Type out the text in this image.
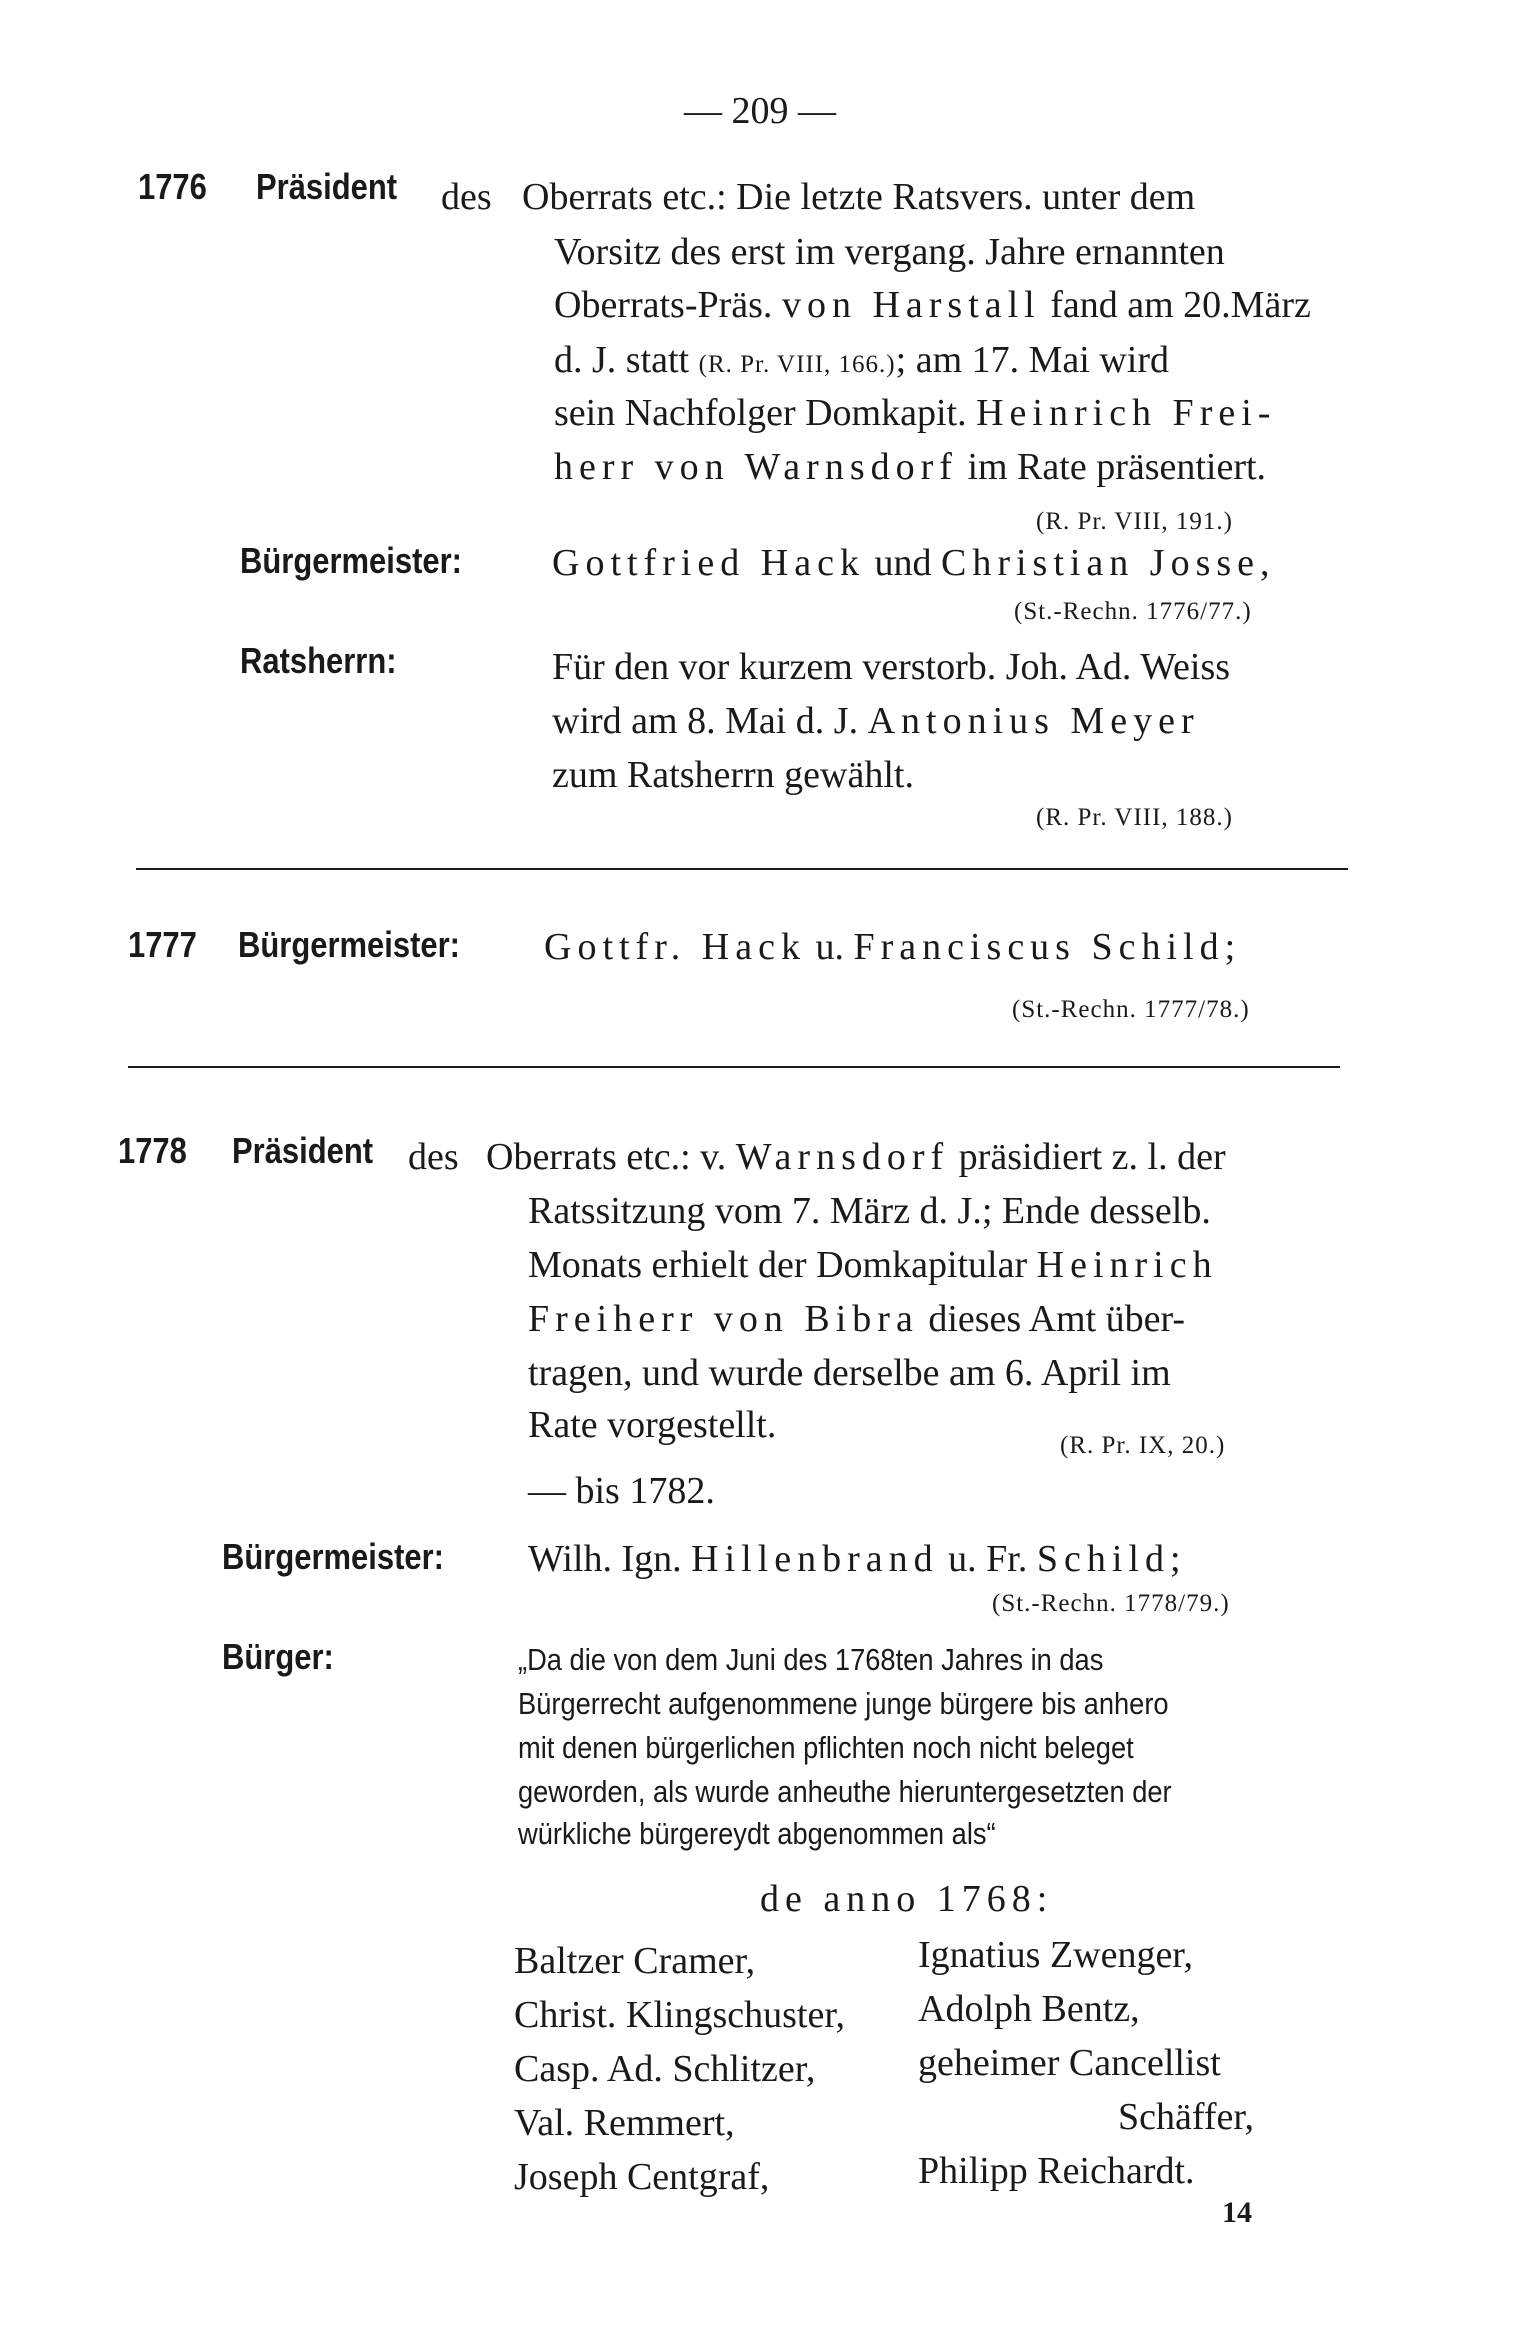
— 209 —
1776 Präsident des Oberrats etc.: Die letzte Ratsvers. unter dem
Vorsitz des erst im vergang. Jahre ernannten
Oberrats-Präs. von Harstall fand am 20.März
d. J. statt (R. Pr. VIII, 166.); am 17. Mai wird
sein Nachfolger Domkapit. Heinrich Frei-
herr von Warnsdorf im Rate präsentiert.
(R. Pr. VIII, 191.)
Bürgermeister: Gottfried Hack und Christian Josse,
(St.-Rechn. 1776/77.)
Ratsherrn:	Für den vor kurzem verstorb. Joh. Ad. Weiss
wird am 8. Mai d. J. Antonius Meyer
zum Ratsherrn gewählt.
(R. Pr. VIII, 188.)
1777 Bürgermeister: Gottfr. Hack u. Franciscus Schild;
(St.-Rechn. 1777/78.)
1778 Präsident des Oberrats etc.: v. Warnsdorf präsidiert z. l. der
Ratssitzung vom 7. März d. J.; Ende desselb.
Monats erhielt der Domkapitular Heinrich
Freiherr von Bibra dieses Amt über-
tragen, und wurde derselbe am 6. April im
Rate vorgestellt.	(R. Pr. IX, 20.)
— bis 1782.
Bürgermeister: Wilh. Ign. Hillenbrand u. Fr. Schild;
(St.-Rechn. 1778/79.)
Bürger:	„Da die von dem Juni des 1768ten Jahres in das
Bürgerrecht aufgenommene junge bürgere bis anhero
mit denen bürgerlichen pflichten noch nicht beleget
geworden, als wurde anheuthe hieruntergesetzten der
würkliche bürgereydt abgenommen als“
de anno 1768:
Baltzer Cramer,
Christ. Klingschuster,
Casp. Ad. Schlitzer,
Val. Remmert,
Joseph Centgraf,
Ignatius Zwenger,
Adolph Bentz,
geheimer Cancellist
Schäffer,
Philipp Reichardt.
14
